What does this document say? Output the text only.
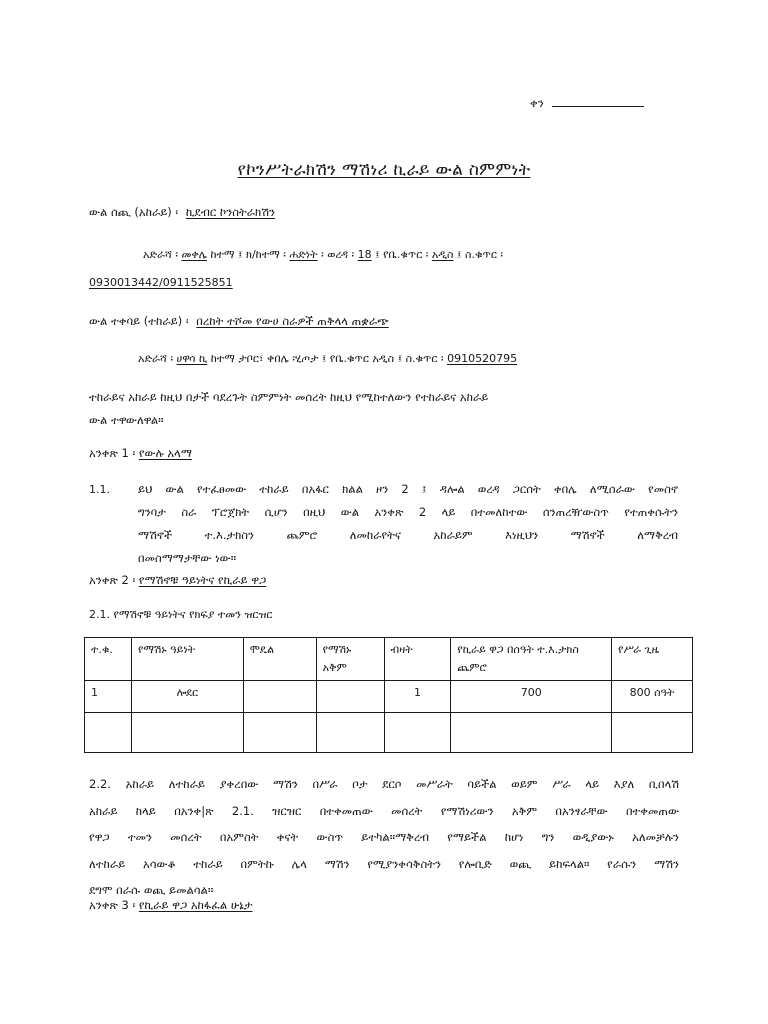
ቀን
የኮንሥትራክሽን ማሽነሪ ኪራይ ውል ስምምነት
ውል ሰጪ (አከራይ) ፡ ኪደብር ኮንስትራክሽን
አድራሻ ፡ መቀሌ ከተማ ፤ ክ/ከተማ ፡ ሐድነት ፡ ወረዳ ፡ 18 ፤ የቤ.ቁጥር ፡ አዲስ ፤ ስ.ቁጥር ፡
0930013442/0911525851
ውል ተቀባይ (ተከራይ) ፡ በረከት ተሾመ የውሀ ስራዎች ጠቅላላ ጠቋራጭ
አድራሻ ፡ ሀዋሳ ኪ ከተማ ታቦር፣ ቀበሌ ፡ሂጦታ ፤ የቤ.ቁጥር አዲስ ፤ ስ.ቁጥር ፡ 0910520795
ተከራይና አከራይ ከዚህ በታች ባደረጉት ስምምነት መሰረት ከዚህ የሚከተለውን የተከራይና አከራይ
ውል ተዋውለዋል።
አንቀጽ 1 ፡ የውሉ አላማ
1.1. ይህ ውል የተፈፀመው ተከራይ በአፋር ክልል ዞን 2 ፤ ዳሎል ወረዳ ጋርሰት ቀበሌ ለሚሰራው የመስኖ
ግንባታ ስራ ፕሮጀክት ሲሆን በዚህ ውል አንቀጽ 2 ላይ በተመለከተው ሰንጠረዥውስጥ የተጠቀሱትን
ማሽኖች ተ.እ.ታክስን ጨምሮ ለመከራየትና አከራይም እነዚህን ማሽኖች ለማቅረብ
በመስማማታቸው ነው።
አንቀጽ 2 ፡ የማሽኖቹ ዓይነትና የኪራይ ዋጋ
2.1. የማሽኖቹ ዓይነትና የክፍያ ተመን ዝርዝር
ተ.ቁ.	የማሽኑ ዓይነት	ሞዴል	የማሽኑ አቅም	ብዛት	የኪራይ ዋጋ በሰዓት ተ.እ.ታክስ ጨምሮ	የሥራ ጊዜ
1	ሎደር			1	700	800 ሰዓት

2.2. አከራይ ለተከራይ ያቀረበው ማሽን በሥራ ቦታ ደርሶ መሥራት ባይችል ወይም ሥራ ላይ እያለ ቢበላሽ
አከራይ ከላይ በአንቀ|ጽ 2.1. ዝርዝር በተቀመጠው መሰረት የማሽነሪውን አቅም በአንፃራቸው በተቀመጠው
የዋጋ ተመን መሰረት በአምስት ቀናት ውስጥ ይተካል።ማቅረብ የማይችል ከሆነ ግን ወዲያውኑ አለመቻሉን
ለተከራይ አሳውቆ ተከራይ በምትኩ ሌላ ማሽን የሚያንቀሳቅስትን የሎቢድ ወጪ ይከፍላል። የራሱን ማሽን
ደግሞ በራሱ ወጪ ይመልሳል።
አንቀጽ 3 ፡ የኪራይ ዋጋ አከፋፈል ሁኔታ
